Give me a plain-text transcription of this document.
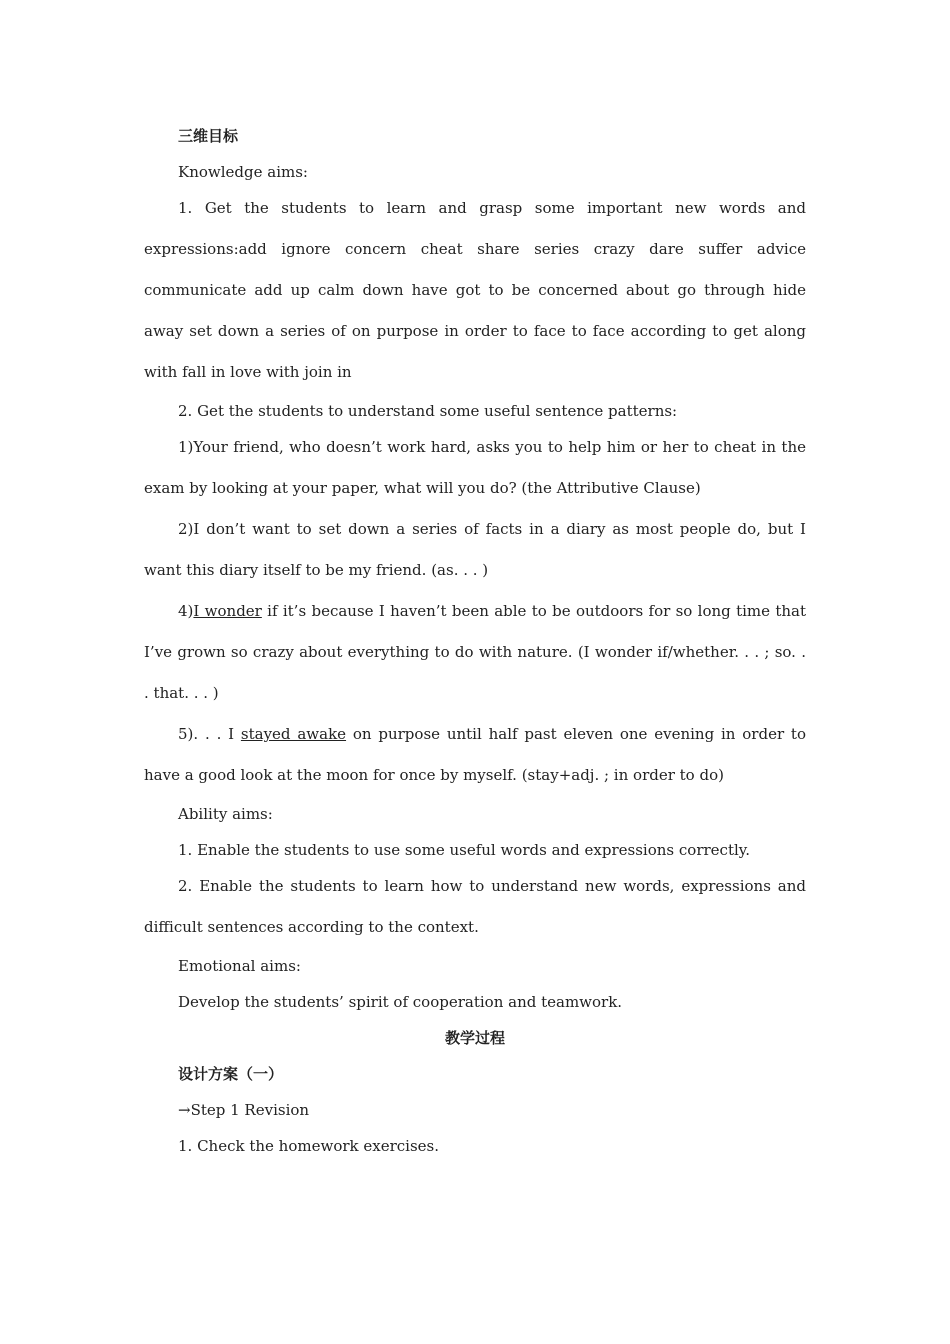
三维目标

Knowledge aims:

1. Get the students to learn and grasp some important new words and expressions:add ignore concern cheat share series crazy dare suffer advice communicate add up calm down have got to be concerned about go through hide away set down a series of on purpose in order to face to face according to get along with fall in love with join in

2. Get the students to understand some useful sentence patterns:

1)Your friend, who doesn’t work hard, asks you to help him or her to cheat in the exam by looking at your paper, what will you do? (the Attributive Clause)

2)I don’t want to set down a series of facts in a diary as most people do, but I want this diary itself to be my friend. (as. . . )

4)I wonder if it’s because I haven’t been able to be outdoors for so long time that I’ve grown so crazy about everything to do with nature. (I wonder if/whether. . . ; so. . . that. . . )

5). . . I stayed awake on purpose until half past eleven one evening in order to have a good look at the moon for once by myself. (stay+adj. ; in order to do)

Ability aims:

1. Enable the students to use some useful words and expressions correctly.

2. Enable the students to learn how to understand new words, expressions and difficult sentences according to the context.

Emotional aims:

Develop the students’ spirit of cooperation and teamwork.

教学过程

设计方案（一）

→Step 1 Revision

1. Check the homework exercises.
